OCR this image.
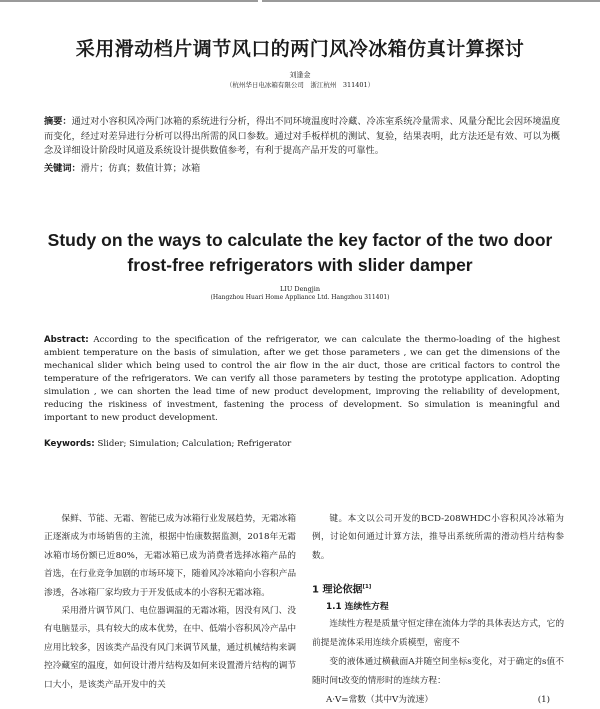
采用滑动档片调节风口的两门风冷冰箱仿真计算探讨
刘逢金
（杭州华日电冰箱有限公司　浙江杭州　311401）

摘要：通过对小容积风冷两门冰箱的系统进行分析，得出不同环境温度时冷藏、冷冻室系统冷量需求、风量分配比会因环境温度而变化，经过对差异进行分析可以得出所需的风口参数。通过对手板样机的测试、复验，结果表明，此方法还是有效、可以为概念及详细设计阶段时风道及系统设计提供数值参考，有利于提高产品开发的可靠性。

关键词：滑片；仿真；数值计算；冰箱

Study on the ways to calculate the key factor of the two door
frost-free refrigerators with slider damper
LIU Dengjin
(Hangzhou Huari Home Appliance Ltd. Hangzhou 311401)

Abstract: According to the specification of the refrigerator, we can calculate the thermo-loading of the highest ambient temperature on the basis of simulation, after we get those parameters , we can get the dimensions of the mechanical slider which being used to control the air flow in the air duct, those are critical factors to control the temperature of the refrigerators. We can verify all those parameters by testing the prototype application. Adopting simulation , we can shorten the lead time of new product development, improving the reliability of development, reducing the riskiness of investment, fastening the process of development. So simulation is meaningful and important to new product development.

Keywords: Slider; Simulation; Calculation; Refrigerator

保鲜、节能、无霜、智能已成为冰箱行业发展趋势，无霜冰箱正逐渐成为市场销售的主流，根据中怡康数据监测，2018年无霜冰箱市场份额已近80%，无霜冰箱已成为消费者选择冰箱产品的首选，在行业竞争加剧的市场环境下，随着风冷冰箱向小容积产品渗透，各冰箱厂家均致力于开发低成本的小容积无霜冰箱。

采用滑片调节风门、电位器调温的无霜冰箱，因没有风门、没有电脑显示，具有较大的成本优势，在中、低端小容积风冷产品中应用比较多，因该类产品没有风门来调节风量，通过机械结构来调控冷藏室的温度，如何设计滑片结构及如何来设置滑片结构的调节口大小，是该类产品开发中的关

键。本文以公司开发的BCD-208WHDC小容积风冷冰箱为例，讨论如何通过计算方法，推导出系统所需的滑动档片结构参数。

1 理论依据[1]
1.1 连续性方程

连续性方程是质量守恒定律在流体力学的具体表达方式，它的前提是流体采用连续介质模型，密度不

变的液体通过横截面A并随空间坐标s变化，对于确定的s值不随时间t改变的情形时的连续方程：

A·V=常数（其中V为流速）	(1)
